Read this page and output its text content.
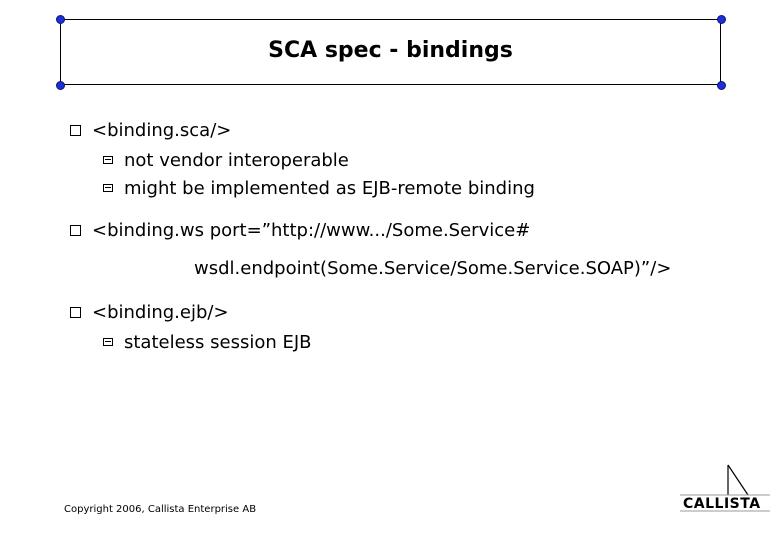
SCA spec - bindings
<binding.sca/>
not vendor interoperable
might be implemented as EJB-remote binding
<binding.ws port=”http://www.../Some.Service#
wsdl.endpoint(Some.Service/Some.Service.SOAP)”/>
<binding.ejb/>
stateless session EJB
Copyright 2006, Callista Enterprise AB	CALLISTA
